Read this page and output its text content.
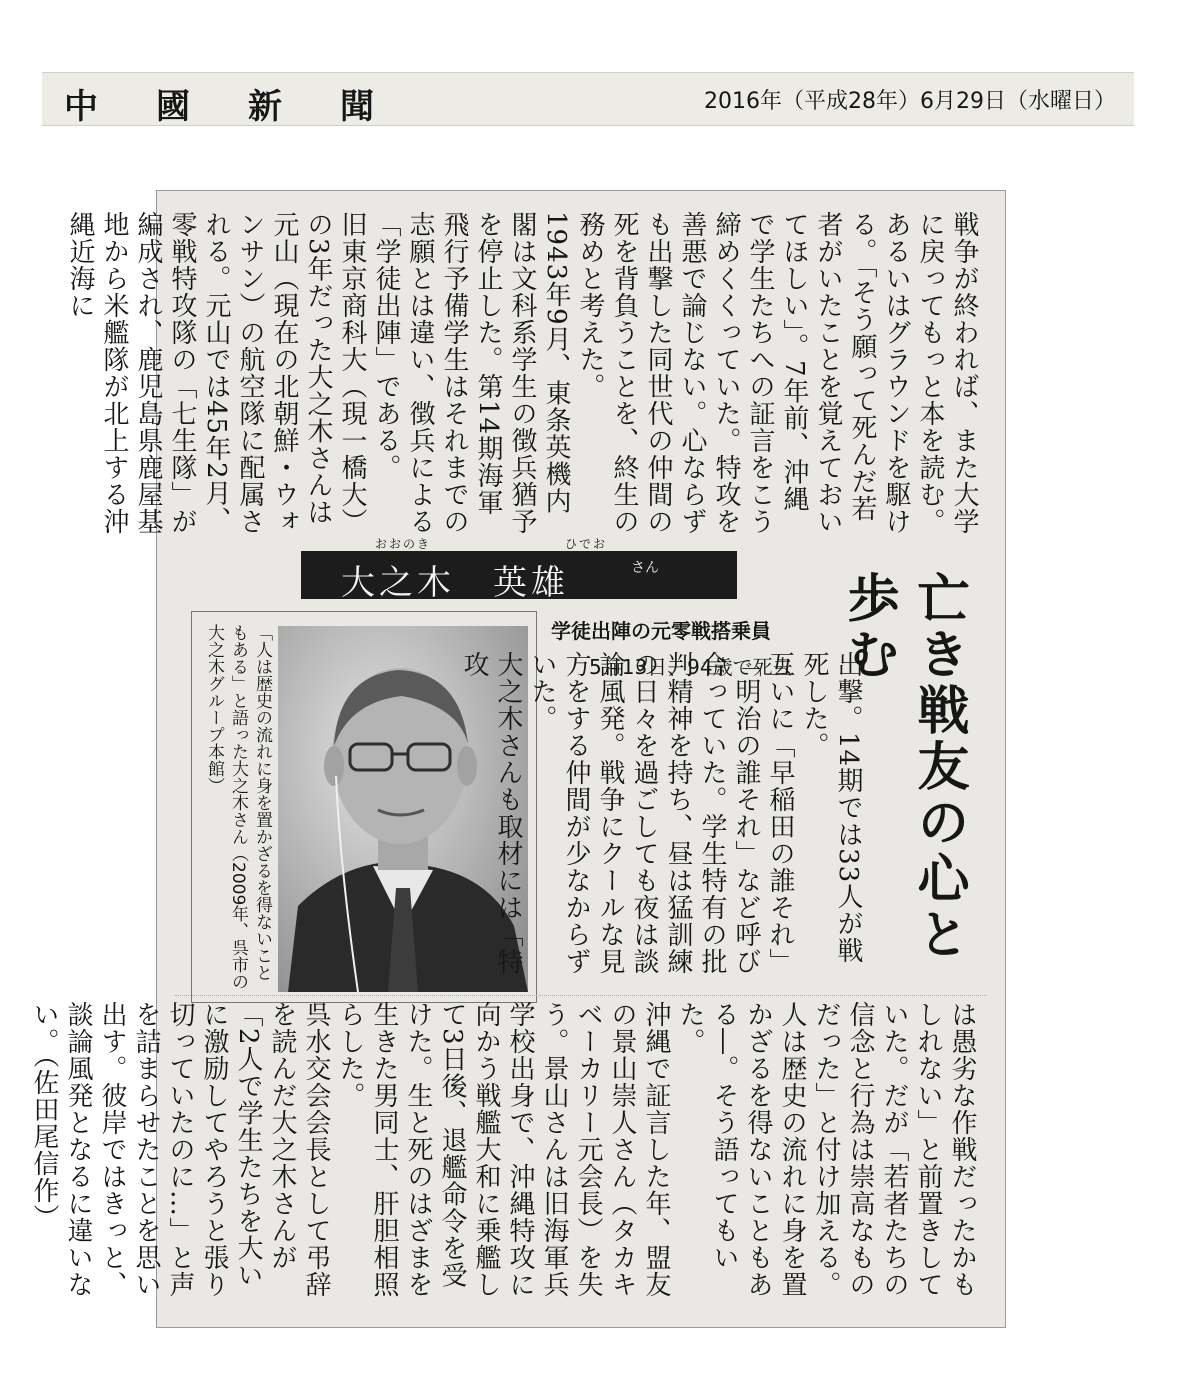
中國新聞	2016年（平成28年）6月29日（水曜日）
戦争が終われば、また大学に戻ってもっと本を読む。あるいはグラウンドを駆ける。「そう願って死んだ若者がいたことを覚えておいてほしい」。7年前、沖縄で学生たちへの証言をこう締めくくっていた。特攻を善悪で論じない。心ならずも出撃した同世代の仲間の死を背負うことを、終生の務めと考えた。
1943年9月、東条英機内閣は文科系学生の徴兵猶予を停止した。第14期海軍飛行予備学生はそれまでの志願とは違い、徴兵による「学徒出陣」である。
旧東京商科大（現一橋大）の3年だった大之木さんは元山（現在の北朝鮮・ウォンサン）の航空隊に配属される。元山では45年2月、零戦特攻隊の「七生隊」が編成され、鹿児島県鹿屋基地から米艦隊が北上する沖縄近海に
おおのき	ひでお
大之木　英雄	さん
学徒出陣の元零戦搭乗員
5月13日、94歳で死去	亡き戦友の心と歩む
「人は歴史の流れに身を置かざるを得ないこともある」と語った大之木さん（2009年、呉市の大之木グループ本館）	出撃。14期では33人が戦死した。
互いに「早稲田の誰それ」「明治の誰それ」など呼び合っていた。学生特有の批判精神を持ち、昼は猛訓練の日々を過ごしても夜は談論風発。戦争にクールな見方をする仲間が少なからずいた。
大之木さんも取材には「特攻
は愚劣な作戦だったかもしれない」と前置きしていた。だが「若者たちの信念と行為は崇高なものだった」と付け加える。人は歴史の流れに身を置かざるを得ないこともある―。そう語ってもいた。
沖縄で証言した年、盟友の景山崇人さん（タカキベーカリー元会長）を失う。景山さんは旧海軍兵学校出身で、沖縄特攻に向かう戦艦大和に乗艦して3日後、退艦命令を受けた。生と死のはざまを生きた男同士、肝胆相照らした。
呉水交会会長として弔辞を読んだ大之木さんが「2人で学生たちを大いに激励してやろうと張り切っていたのに…」と声を詰まらせたことを思い出す。彼岸ではきっと、談論風発となるに違いない。（佐田尾信作）
